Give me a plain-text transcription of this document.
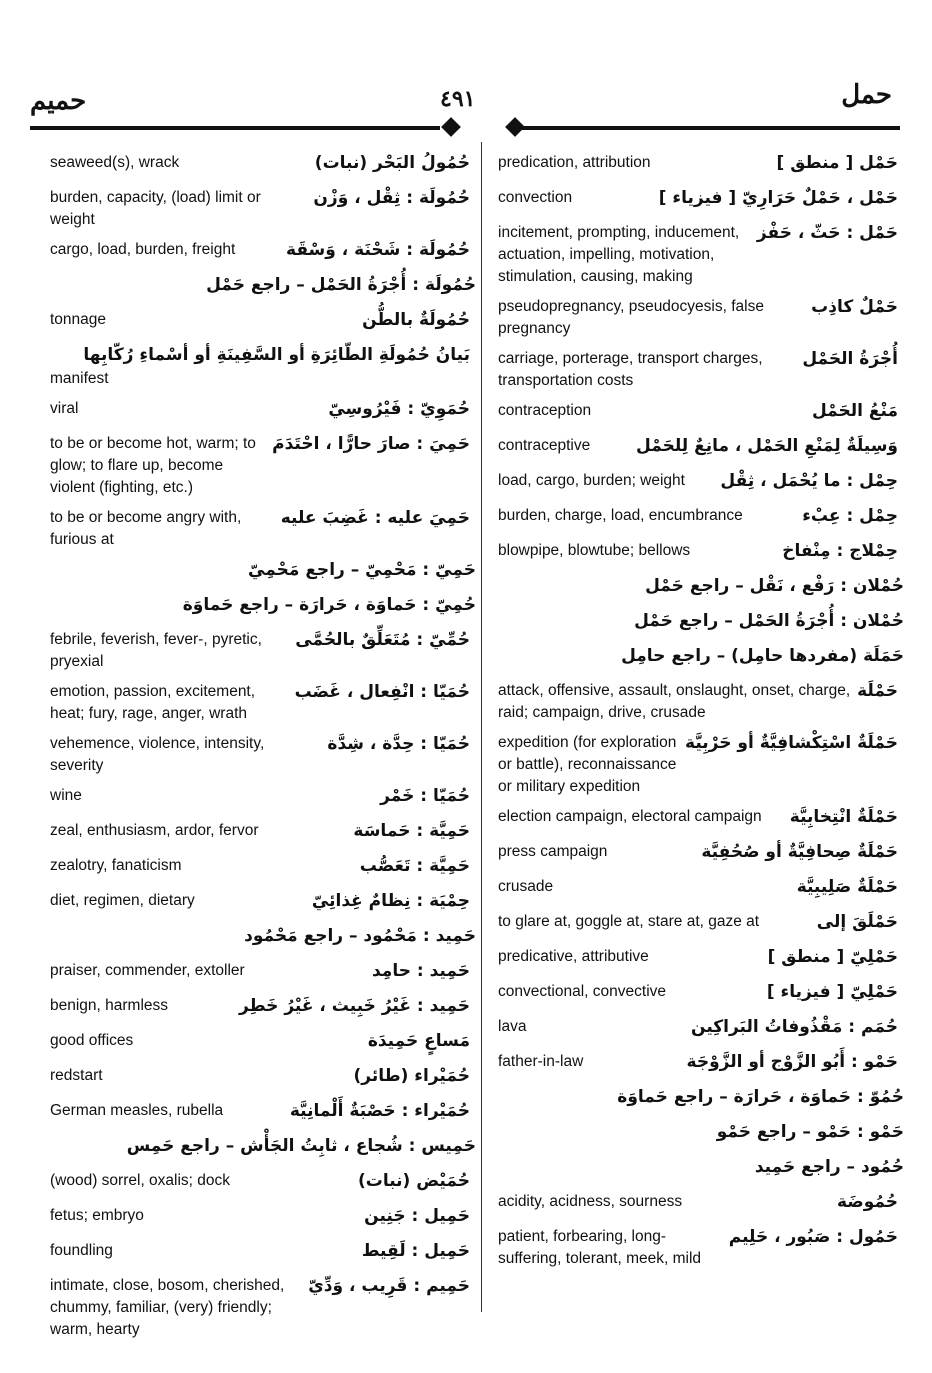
حمل
٤٩١
حميم
حَمْل [ منطق ]
predication, attribution
حَمْل ، حَمْلٌ حَرَارِيّ [ فيزياء ]
convection
حَمْل : حَثّ ، حَفْز
incitement, prompting, inducement, actuation, impelling, motivation, stimulation, causing, making
حَمْلٌ كاذِب
pseudopregnancy, pseudocyesis, false pregnancy
أُجْرَةُ الحَمْل
carriage, porterage, transport charges, transportation costs
مَنْعُ الحَمْل
contraception
وَسِيلَةٌ لِمَنْعِ الحَمْل ، مانِعٌ لِلحَمْل
contraceptive
حِمْل : ما يُحْمَل ، ثِقْل
load, cargo, burden; weight
حِمْل : عِبْء
burden, charge, load, encumbrance
حِمْلاج : مِنْفاخ
blowpipe, blowtube; bellows
حُمْلان : رَفْع ، نَقْل – راجع حَمْل
حُمْلان : أُجْرَةُ الحَمْل – راجع حَمْل
حَمَلَة (مفردها حامِل) – راجع حامِل
حَمْلَة
attack, offensive, assault, onslaught, onset, charge, raid; campaign, drive, crusade
حَمْلَةٌ اسْتِكْشافِيَّةٌ أو حَرْبِيَّة
expedition (for exploration or battle), reconnaissance or military expedition
حَمْلَةٌ انْتِخابِيَّة
election campaign, electoral campaign
حَمْلَةٌ صِحافِيَّةٌ أو صُحُفِيَّة
press campaign
حَمْلَةٌ صَلِيبِيَّة
crusade
حَمْلَقَ إلى
to glare at, goggle at, stare at, gaze at
حَمْلِيّ [ منطق ]
predicative, attributive
حَمْلِيّ [ فيزياء ]
convectional, convective
حُمَم : مَقْذُوفاتُ البَراكِين
lava
حَمْو : أَبُو الزَّوْج أو الزَّوْجَة
father-in-law
حُمُوّ : حَماوَة ، حَرارَة – راجع حَماوَة
حَمْو : حَمْو – راجع حَمْو
حُمُود – راجع حَمِيد
حُمُوضَة
acidity, acidness, sourness
حَمُول : صَبُور ، حَلِيم
patient, forbearing, long-suffering, tolerant, meek, mild
حُمُولُ البَحْر (نبات)
seaweed(s), wrack
حُمُولَة : ثِقْل ، وَزْن
burden, capacity, (load) limit or weight
حُمُولَة : شَحْنَة ، وَسْقَة
cargo, load, burden, freight
حُمُولَة : أُجْرَةُ الحَمْل – راجع حَمْل
حُمُولَةٌ بالطُّن
tonnage
بَيانُ حُمُولَةِ الطّائِرَةِ أو السَّفِينَةِ أو أسْماءِ رُكّابِها
manifest
حُمَوِيّ : فَيْرُوسِيّ
viral
حَمِيَ : صارَ حارًّا ، احْتَدَمَ
to be or become hot, warm; to glow; to flare up, become violent (fighting, etc.)
حَمِيَ عليه : غَضِبَ عليه
to be or become angry with, furious at
حَمِيّ : مَحْمِيّ – راجع مَحْمِيّ
حُمِيّ : حَماوَة ، حَرارَة – راجع حَماوَة
حُمِّيّ : مُتَعَلِّقٌ بالحُمَّى
febrile, feverish, fever-, pyretic, pryexial
حُمَيّا : انْفِعال ، غَضَب
emotion, passion, excitement, heat; fury, rage, anger, wrath
حُمَيّا : حِدَّة ، شِدَّة
vehemence, violence, intensity, severity
حُمَيّا : خَمْر
wine
حَمِيَّة : حَماسَة
zeal, enthusiasm, ardor, fervor
حَمِيَّة : تَعَصُّب
zealotry, fanaticism
حِمْيَة : نِظامٌ غِذائِيّ
diet, regimen, dietary
حَمِيد : مَحْمُود – راجع مَحْمُود
حَمِيد : حامِد
praiser, commender, extoller
حَمِيد : غَيْرُ خَبِيث ، غَيْرُ خَطِر
benign, harmless
مَساعٍ حَمِيدَة
good offices
حُمَيْراء (طائر)
redstart
حُمَيْراء : حَصْبَةٌ أَلْمانِيَّة
German measles, rubella
حَمِيس : شُجاع ، ثابِتُ الجَأْش – راجع حَمِس
حُمَيْض (نبات)
(wood) sorrel, oxalis; dock
حَمِيل : جَنِين
fetus; embryo
حَمِيل : لَقِيط
foundling
حَمِيم : قَرِيب ، وَدِّيّ
intimate, close, bosom, cherished, chummy, familiar, (very) friendly; warm, hearty
